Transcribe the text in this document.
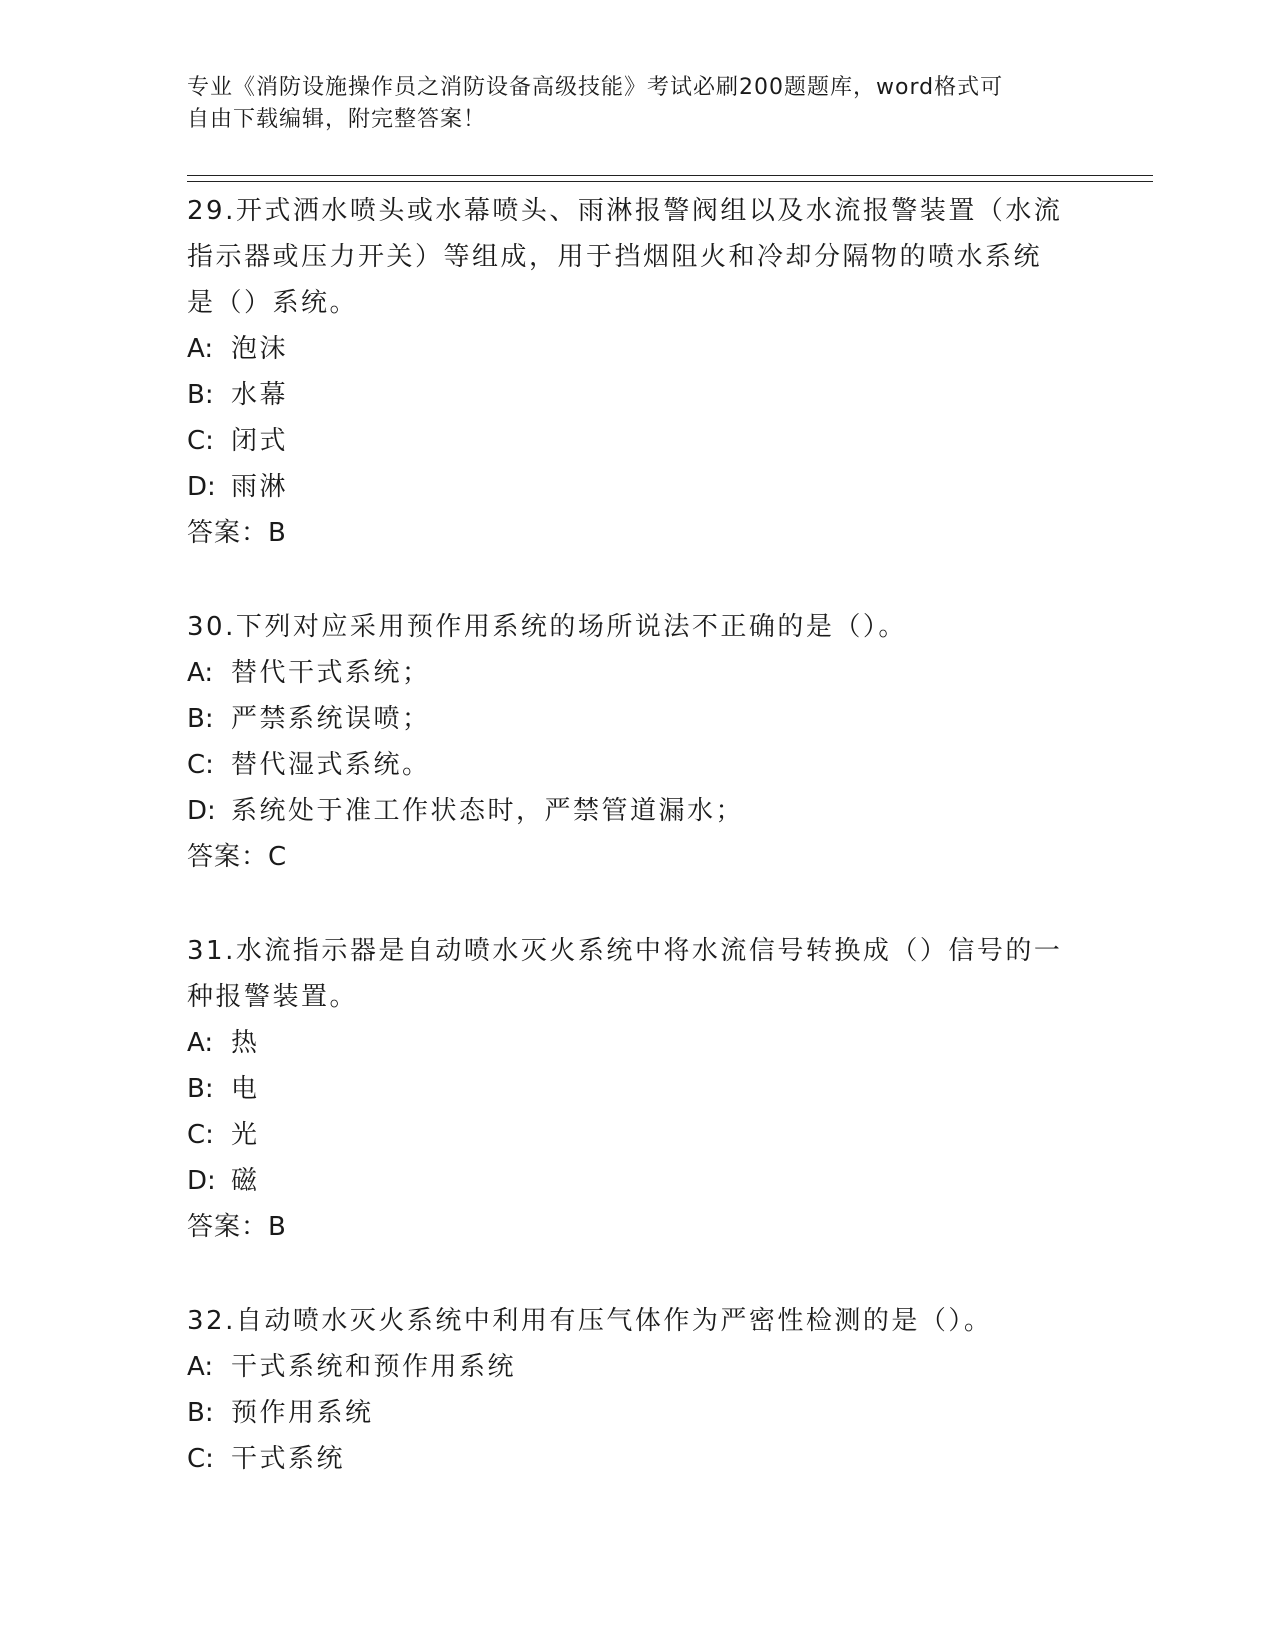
专业《消防设施操作员之消防设备高级技能》考试必刷200题题库，word格式可
自由下载编辑，附完整答案！

29.开式洒水喷头或水幕喷头、雨淋报警阀组以及水流报警装置（水流

指示器或压力开关）等组成，用于挡烟阻火和冷却分隔物的喷水系统

是（）系统。

A: 泡沫

B: 水幕

C: 闭式

D: 雨淋

答案：B

30.下列对应采用预作用系统的场所说法不正确的是（）。

A: 替代干式系统；

B: 严禁系统误喷；

C: 替代湿式系统。

D: 系统处于准工作状态时，严禁管道漏水；

答案：C

31.水流指示器是自动喷水灭火系统中将水流信号转换成（）信号的一

种报警装置。

A: 热

B: 电

C: 光

D: 磁

答案：B

32.自动喷水灭火系统中利用有压气体作为严密性检测的是（）。

A: 干式系统和预作用系统

B: 预作用系统

C: 干式系统
